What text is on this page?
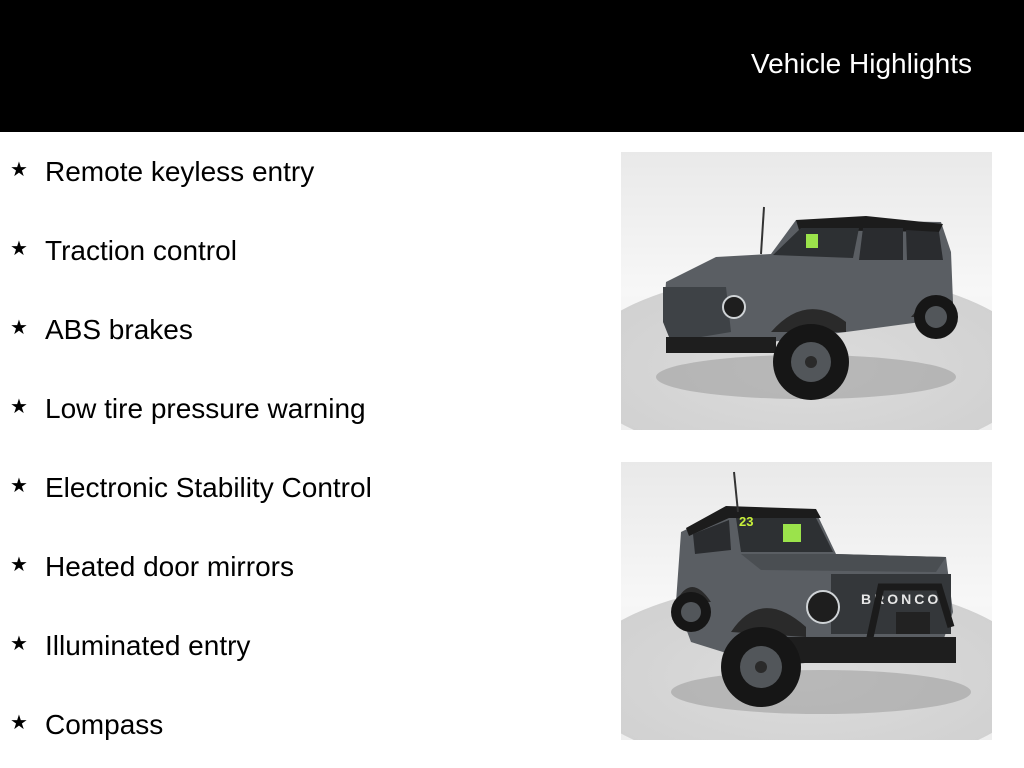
Vehicle Highlights
★ Remote keyless entry
★ Traction control
★ ABS brakes
★ Low tire pressure warning
★ Electronic Stability Control
★ Heated door mirrors
★ Illuminated entry
★ Compass
23
BRONCO
